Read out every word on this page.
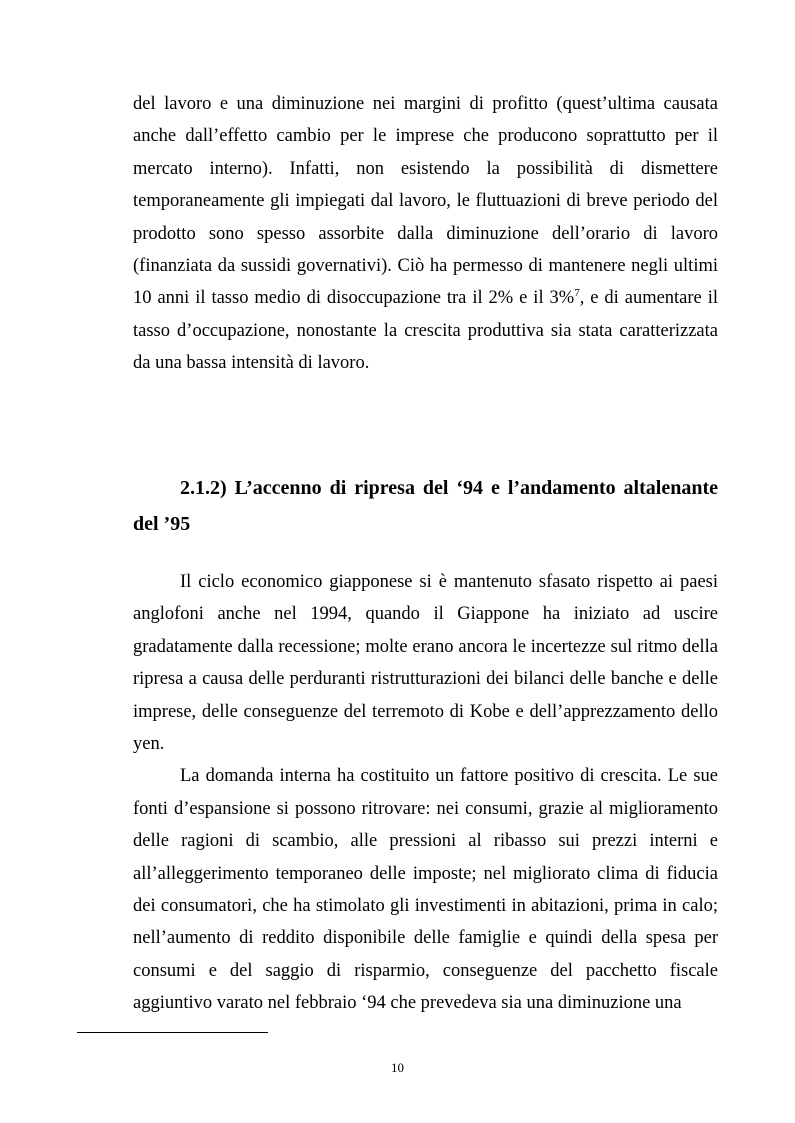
del lavoro e una diminuzione nei margini di profitto (quest’ultima causata anche dall’effetto cambio per le imprese che producono soprattutto per il mercato interno). Infatti, non esistendo la possibilità di dismettere temporaneamente gli impiegati dal lavoro, le fluttuazioni di breve periodo del prodotto sono spesso assorbite dalla diminuzione dell’orario di lavoro (finanziata da sussidi governativi). Ciò ha permesso di mantenere negli ultimi 10 anni il tasso medio di disoccupazione tra il 2% e il 3%$^7$, e di aumentare il tasso d’occupazione, nonostante la crescita produttiva sia stata caratterizzata da una bassa intensità di lavoro.

2.1.2) L’accenno di ripresa del ‘94 e l’andamento altalenante del ’95

Il ciclo economico giapponese si è mantenuto sfasato rispetto ai paesi anglofoni anche nel 1994, quando il Giappone ha iniziato ad uscire gradatamente dalla recessione; molte erano ancora le incertezze sul ritmo della ripresa a causa delle perduranti ristrutturazioni dei bilanci delle banche e delle imprese, delle conseguenze del terremoto di Kobe e dell’apprezzamento dello yen.

La domanda interna ha costituito un fattore positivo di crescita. Le sue fonti d’espansione si possono ritrovare: nei consumi, grazie al miglioramento delle ragioni di scambio, alle pressioni al ribasso sui prezzi interni e all’alleggerimento temporaneo delle imposte; nel migliorato clima di fiducia dei consumatori, che ha stimolato gli investimenti in abitazioni, prima in calo; nell’aumento di reddito disponibile delle famiglie e quindi della spesa per consumi e del saggio di risparmio, conseguenze del pacchetto fiscale aggiuntivo varato nel febbraio ‘94 che prevedeva sia una diminuzione una

10
